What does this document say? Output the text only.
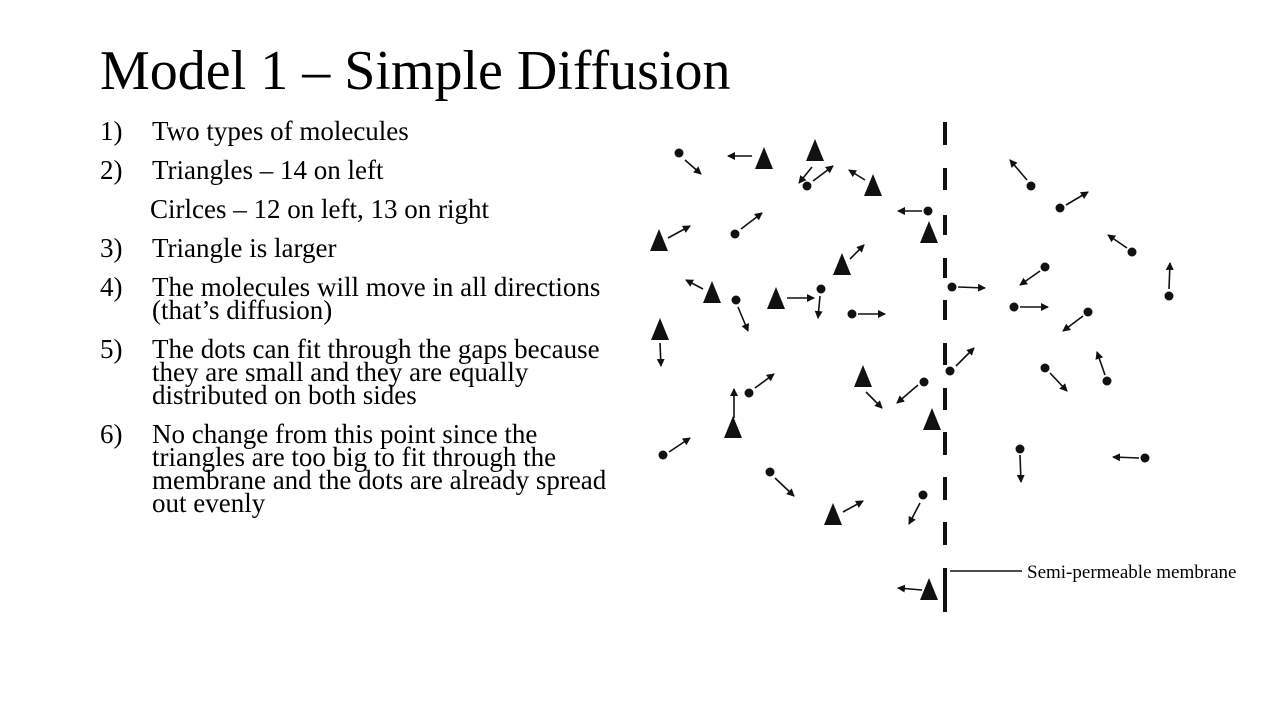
Model 1 – Simple Diffusion
1) Two types of molecules
2) Triangles – 14 on left
Cirlces – 12 on left, 13 on right
3) Triangle is larger
4) The molecules will move in all directions (that’s diffusion)
5) The dots can fit through the gaps because they are small and they are equally distributed on both sides
6) No change from this point since the triangles are too big to fit through the membrane and the dots are already spread out evenly
Semi-permeable membrane
